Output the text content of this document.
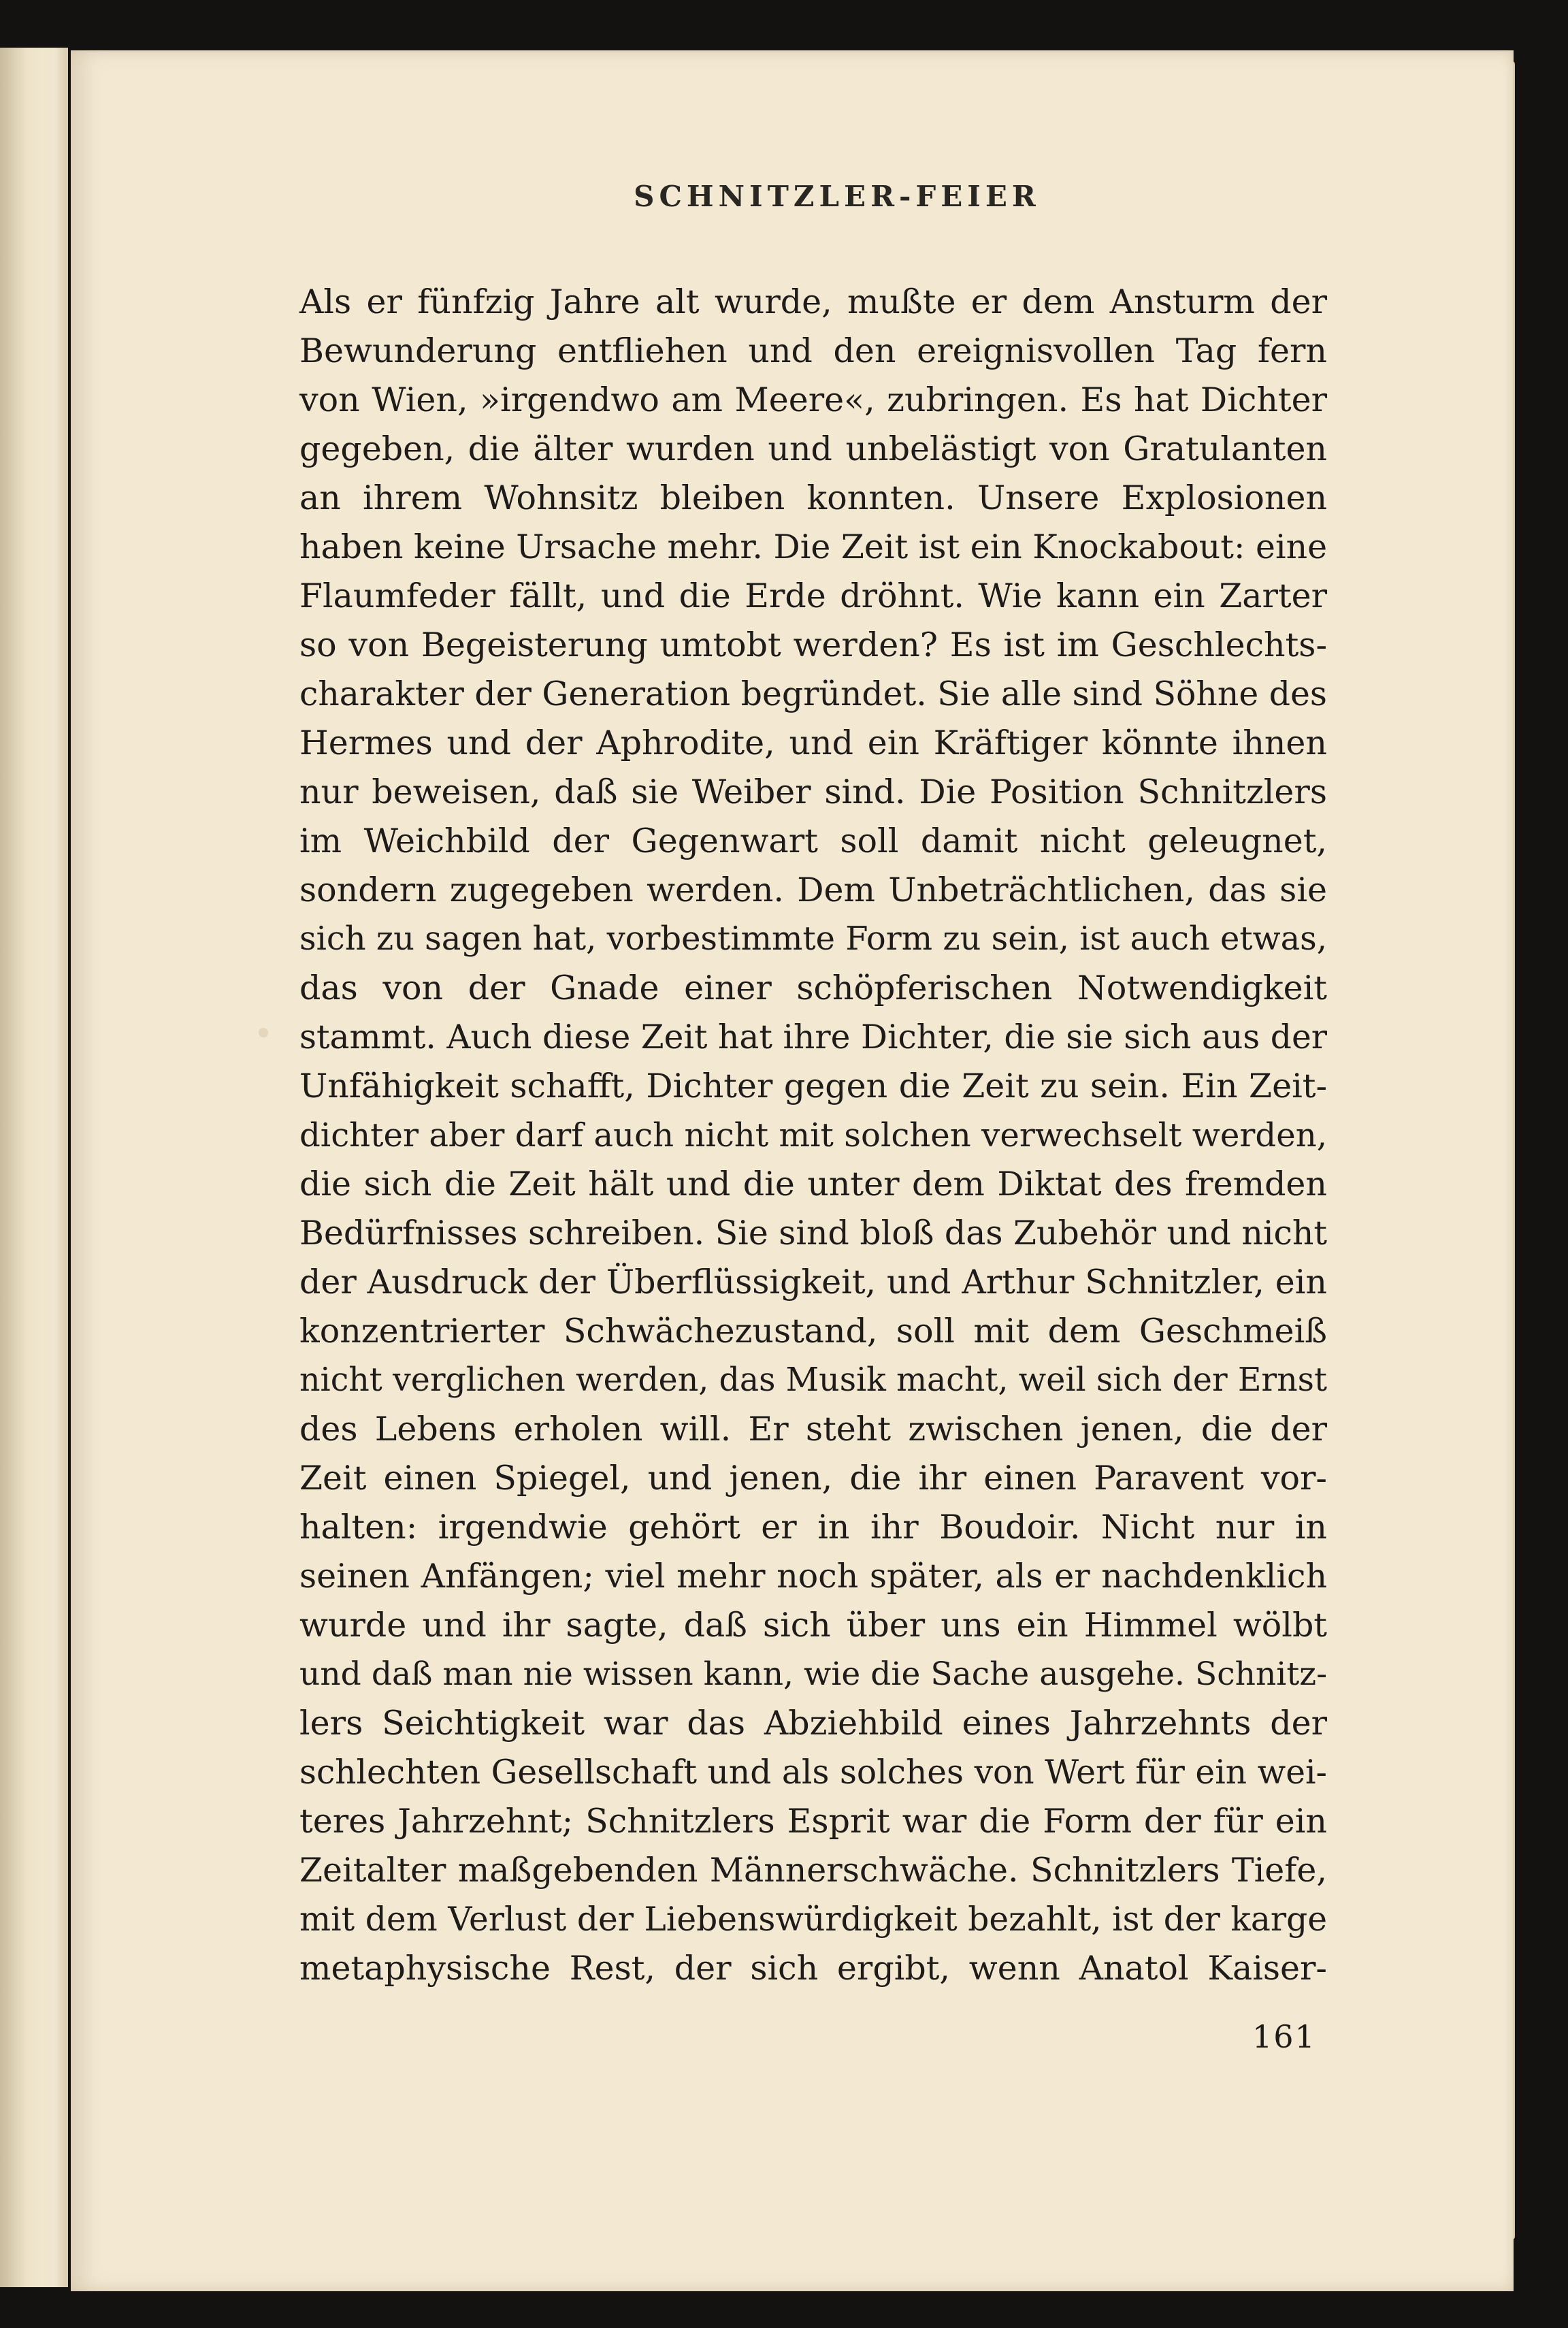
SCHNITZLER-FEIER
Als er fünfzig Jahre alt wurde, mußte er dem Ansturm der
Bewunderung entfliehen und den ereignisvollen Tag fern
von Wien, »irgendwo am Meere«, zubringen. Es hat Dichter
gegeben, die älter wurden und unbelästigt von Gratulanten
an ihrem Wohnsitz bleiben konnten. Unsere Explosionen
haben keine Ursache mehr. Die Zeit ist ein Knockabout: eine
Flaumfeder fällt, und die Erde dröhnt. Wie kann ein Zarter
so von Begeisterung umtobt werden? Es ist im Geschlechts-
charakter der Generation begründet. Sie alle sind Söhne des
Hermes und der Aphrodite, und ein Kräftiger könnte ihnen
nur beweisen, daß sie Weiber sind. Die Position Schnitzlers
im Weichbild der Gegenwart soll damit nicht geleugnet,
sondern zugegeben werden. Dem Unbeträchtlichen, das sie
sich zu sagen hat, vorbestimmte Form zu sein, ist auch etwas,
das von der Gnade einer schöpferischen Notwendigkeit
stammt. Auch diese Zeit hat ihre Dichter, die sie sich aus der
Unfähigkeit schafft, Dichter gegen die Zeit zu sein. Ein Zeit-
dichter aber darf auch nicht mit solchen verwechselt werden,
die sich die Zeit hält und die unter dem Diktat des fremden
Bedürfnisses schreiben. Sie sind bloß das Zubehör und nicht
der Ausdruck der Überflüssigkeit, und Arthur Schnitzler, ein
konzentrierter Schwächezustand, soll mit dem Geschmeiß
nicht verglichen werden, das Musik macht, weil sich der Ernst
des Lebens erholen will. Er steht zwischen jenen, die der
Zeit einen Spiegel, und jenen, die ihr einen Paravent vor-
halten: irgendwie gehört er in ihr Boudoir. Nicht nur in
seinen Anfängen; viel mehr noch später, als er nachdenklich
wurde und ihr sagte, daß sich über uns ein Himmel wölbt
und daß man nie wissen kann, wie die Sache ausgehe. Schnitz-
lers Seichtigkeit war das Abziehbild eines Jahrzehnts der
schlechten Gesellschaft und als solches von Wert für ein wei-
teres Jahrzehnt; Schnitzlers Esprit war die Form der für ein
Zeitalter maßgebenden Männerschwäche. Schnitzlers Tiefe,
mit dem Verlust der Liebenswürdigkeit bezahlt, ist der karge
metaphysische Rest, der sich ergibt, wenn Anatol Kaiser-
161
